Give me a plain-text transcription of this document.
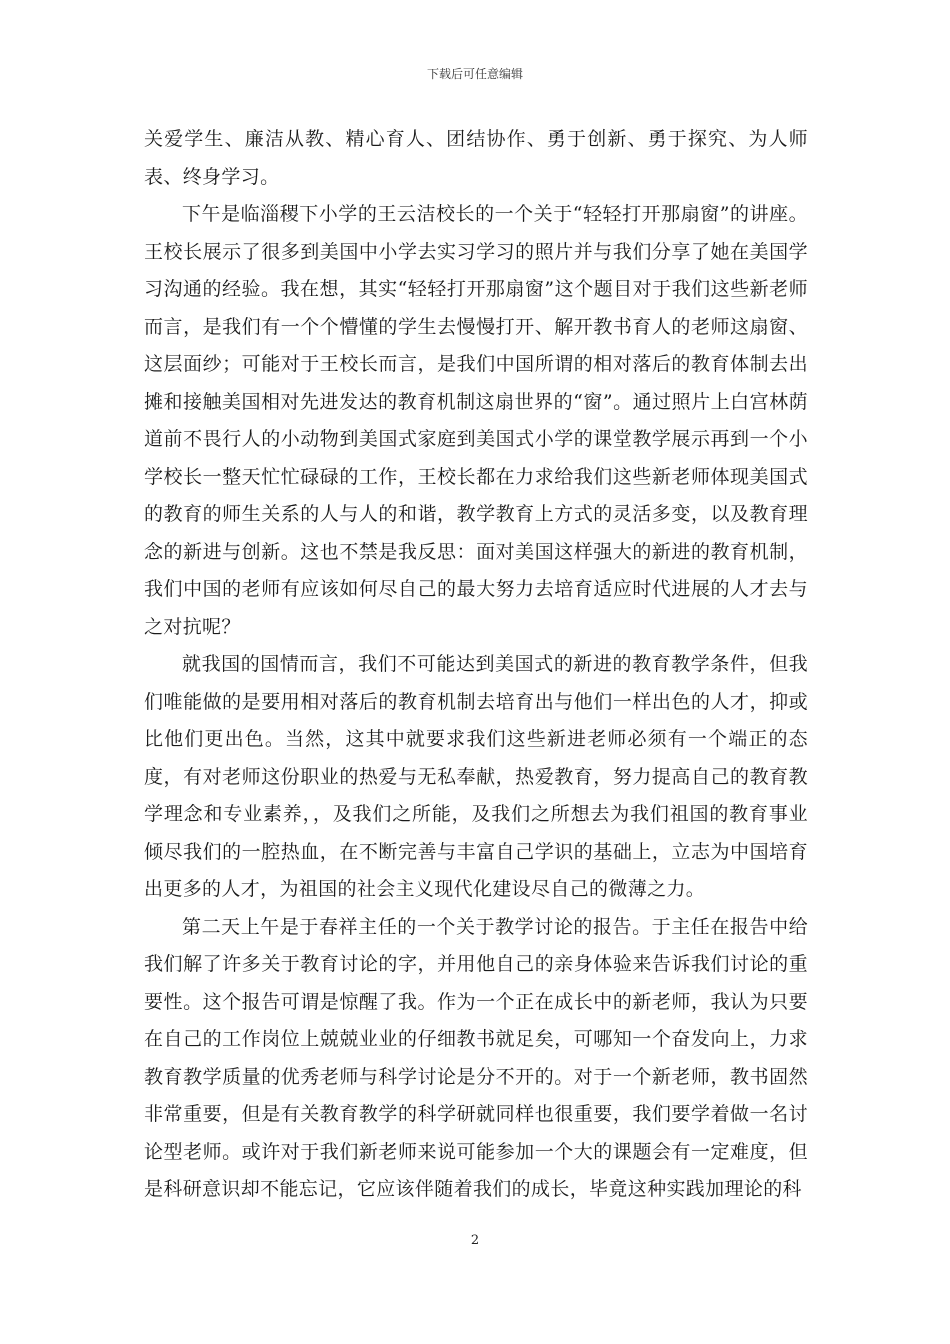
下载后可任意编辑

关爱学生、廉洁从教、精心育人、团结协作、勇于创新、勇于探究、为人师表、终身学习。

下午是临淄稷下小学的王云洁校长的一个关于“轻轻打开那扇窗”的讲座。王校长展示了很多到美国中小学去实习学习的照片并与我们分享了她在美国学习沟通的经验。我在想，其实“轻轻打开那扇窗”这个题目对于我们这些新老师而言，是我们有一个个懵懂的学生去慢慢打开、解开教书育人的老师这扇窗、这层面纱；可能对于王校长而言，是我们中国所谓的相对落后的教育体制去出摊和接触美国相对先进发达的教育机制这扇世界的“窗”。通过照片上白宫林荫道前不畏行人的小动物到美国式家庭到美国式小学的课堂教学展示再到一个小学校长一整天忙忙碌碌的工作，王校长都在力求给我们这些新老师体现美国式的教育的师生关系的人与人的和谐，教学教育上方式的灵活多变，以及教育理念的新进与创新。这也不禁是我反思：面对美国这样强大的新进的教育机制，我们中国的老师有应该如何尽自己的最大努力去培育适应时代进展的人才去与之对抗呢？

就我国的国情而言，我们不可能达到美国式的新进的教育教学条件，但我们唯能做的是要用相对落后的教育机制去培育出与他们一样出色的人才，抑或比他们更出色。当然，这其中就要求我们这些新进老师必须有一个端正的态度，有对老师这份职业的热爱与无私奉献，热爱教育，努力提高自己的教育教学理念和专业素养，，及我们之所能，及我们之所想去为我们祖国的教育事业倾尽我们的一腔热血，在不断完善与丰富自己学识的基础上，立志为中国培育出更多的人才，为祖国的社会主义现代化建设尽自己的微薄之力。

第二天上午是于春祥主任的一个关于教学讨论的报告。于主任在报告中给我们解了许多关于教育讨论的字，并用他自己的亲身体验来告诉我们讨论的重要性。这个报告可谓是惊醒了我。作为一个正在成长中的新老师，我认为只要在自己的工作岗位上兢兢业业的仔细教书就足矣，可哪知一个奋发向上，力求教育教学质量的优秀老师与科学讨论是分不开的。对于一个新老师，教书固然非常重要，但是有关教育教学的科学研就同样也很重要，我们要学着做一名讨论型老师。或许对于我们新老师来说可能参加一个大的课题会有一定难度，但是科研意识却不能忘记，它应该伴随着我们的成长，毕竟这种实践加理论的科

2
